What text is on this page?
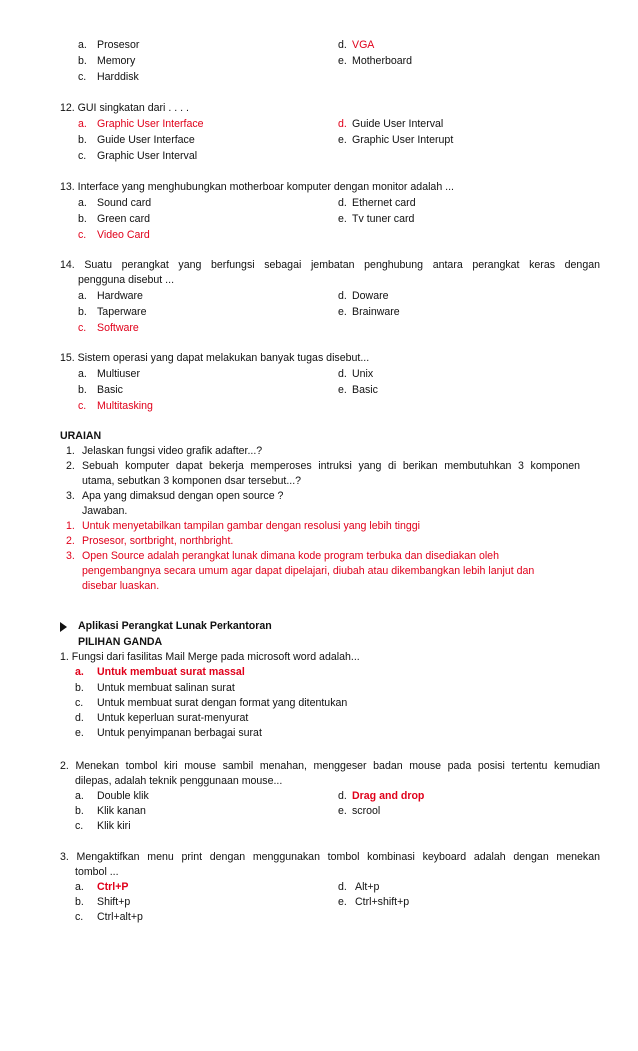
a. Prosesor	d. VGA
b. Memory	e. Motherboard
c. Harddisk
12. GUI singkatan dari . . . .
a. Graphic User Interface	d. Guide User Interval
b. Guide User Interface	e. Graphic User Interupt
c. Graphic User Interval
13. Interface yang menghubungkan motherboar komputer dengan monitor adalah ...
a. Sound card	d. Ethernet card
b. Green card	e. Tv tuner card
c. Video Card
14. Suatu perangkat yang berfungsi sebagai jembatan penghubung antara perangkat keras dengan
pengguna disebut ...
a. Hardware	d. Doware
b. Taperware	e. Brainware
c. Software
15. Sistem operasi yang dapat melakukan banyak tugas disebut...
a. Multiuser	d. Unix
b. Basic	e. Basic
c. Multitasking
URAIAN
1. Jelaskan fungsi video grafik adafter...?
2. Sebuah komputer dapat bekerja memperoses intruksi yang di berikan membutuhkan 3 komponen
utama, sebutkan 3 komponen dsar tersebut...?
3. Apa yang dimaksud dengan open source ?
Jawaban.
1. Untuk menyetabilkan tampilan gambar dengan resolusi yang lebih tinggi
2. Prosesor, sortbright, northbright.
3. Open Source adalah perangkat lunak dimana kode program terbuka dan disediakan oleh
pengembangnya secara umum agar dapat dipelajari, diubah atau dikembangkan lebih lanjut dan
disebar luaskan.
Aplikasi Perangkat Lunak Perkantoran
PILIHAN GANDA
1. Fungsi dari fasilitas Mail Merge pada microsoft word adalah...
a. Untuk membuat surat massal
b. Untuk membuat salinan surat
c. Untuk membuat surat dengan format yang ditentukan
d. Untuk keperluan surat-menyurat
e. Untuk penyimpanan berbagai surat
2. Menekan tombol kiri mouse sambil menahan, menggeser badan mouse pada posisi tertentu kemudian
dilepas, adalah teknik penggunaan mouse...
a. Double klik	d. Drag and drop
b. Klik kanan	e. scrool
c. Klik kiri
3. Mengaktifkan menu print dengan menggunakan tombol kombinasi keyboard adalah dengan menekan
tombol ...
a. Ctrl+P	d. Alt+p
b. Shift+p	e. Ctrl+shift+p
c. Ctrl+alt+p
